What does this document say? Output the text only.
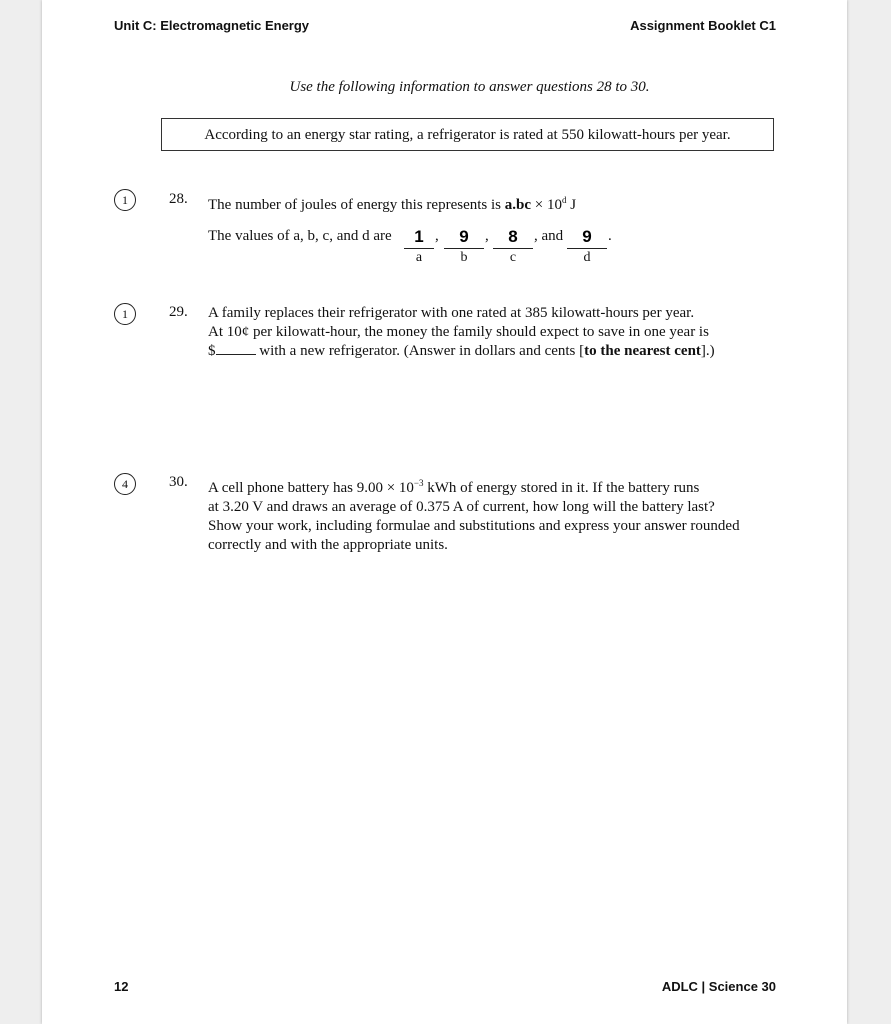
Unit C: Electromagnetic Energy	Assignment Booklet C1
Use the following information to answer questions 28 to 30.
According to an energy star rating, a refrigerator is rated at 550 kilowatt-hours per year.
1	28. The number of joules of energy this represents is $a.bc \times 10^d$ J
The values of a, b, c, and d are	1 ,	9	,	8	, and	9	.
a	b	c	d
1	29. A family replaces their refrigerator with one rated at 385 kilowatt-hours per year.
At 10¢ per kilowatt-hour, the money the family should expect to save in one year is
$	with a new refrigerator. (Answer in dollars and cents [to the nearest cent].)
4	30. A cell phone battery has $9.00 \times 10^{-3}$ kWh of energy stored in it. If the battery runs
at 3.20 V and draws an average of 0.375 A of current, how long will the battery last?
Show your work, including formulae and substitutions and express your answer rounded
correctly and with the appropriate units.
12	ADLC | Science 30
